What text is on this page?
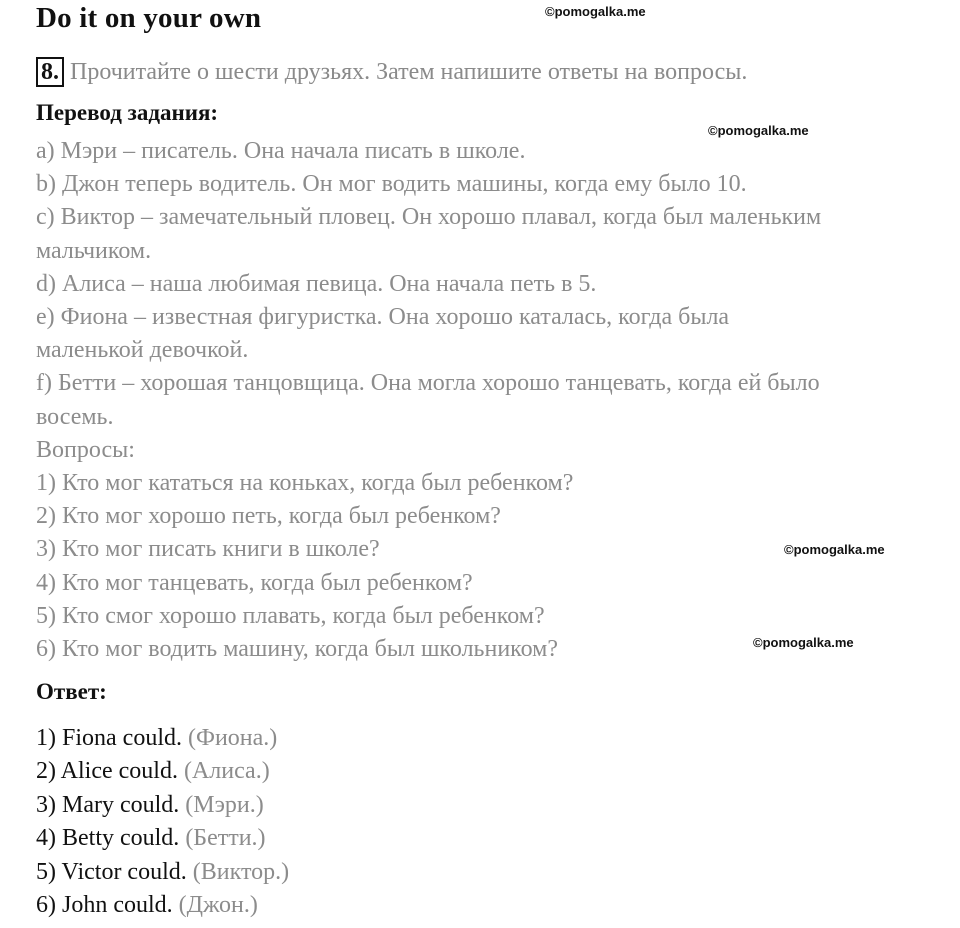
Do it on your own	©pomogalka.me
©pomogalka.me
©pomogalka.me
©pomogalka.me
8. Прочитайте о шести друзьях. Затем напишите ответы на вопросы.
Перевод задания:
a) Мэри – писатель. Она начала писать в школе.
b) Джон теперь водитель. Он мог водить машины, когда ему было 10.
c) Виктор – замечательный пловец. Он хорошо плавал, когда был маленьким
мальчиком.
d) Алиса – наша любимая певица. Она начала петь в 5.
e) Фиона – известная фигуристка. Она хорошо каталась, когда была
маленькой девочкой.
f) Бетти – хорошая танцовщица. Она могла хорошо танцевать, когда ей было
восемь.
Вопросы:
1) Кто мог кататься на коньках, когда был ребенком?
2) Кто мог хорошо петь, когда был ребенком?
3) Кто мог писать книги в школе?
4) Кто мог танцевать, когда был ребенком?
5) Кто смог хорошо плавать, когда был ребенком?
6) Кто мог водить машину, когда был школьником?
Ответ:
1) Fiona could. (Фиона.)
2) Alice could. (Алиса.)
3) Mary could. (Мэри.)
4) Betty could. (Бетти.)
5) Victor could. (Виктор.)
6) John could. (Джон.)
